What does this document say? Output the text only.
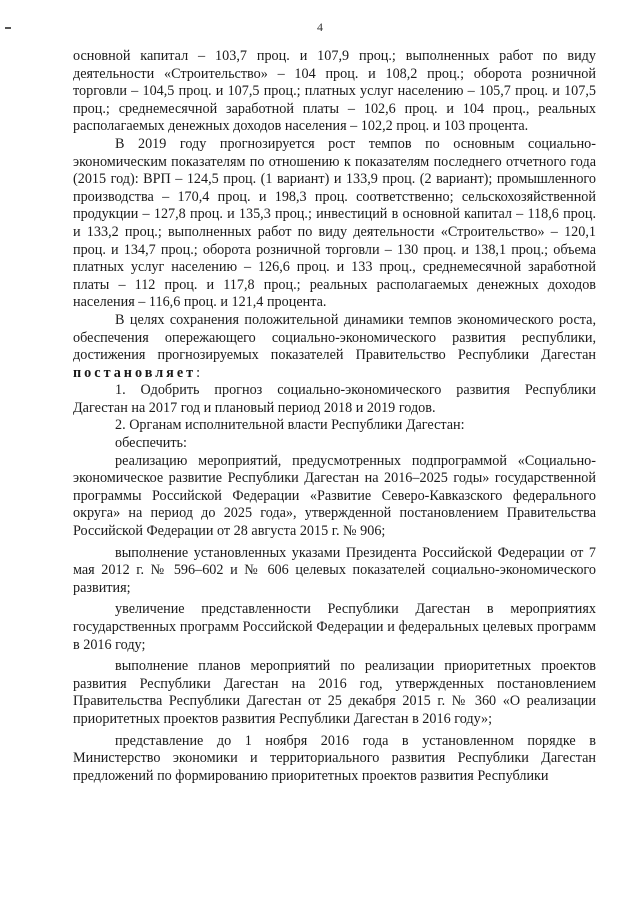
4

основной капитал – 103,7 проц. и 107,9 проц.; выполненных работ по виду деятельности «Строительство» – 104 проц. и 108,2 проц.; оборота розничной торговли – 104,5 проц. и 107,5 проц.; платных услуг населению – 105,7 проц. и 107,5 проц.; среднемесячной заработной платы – 102,6 проц. и 104 проц., реальных располагаемых денежных доходов населения – 102,2 проц. и 103 процента.

В 2019 году прогнозируется рост темпов по основным социально-экономическим показателям по отношению к показателям последнего отчетного года (2015 год): ВРП – 124,5 проц. (1 вариант) и 133,9 проц. (2 вариант); промышленного производства – 170,4 проц. и 198,3 проц. соответственно; сельскохозяйственной продукции – 127,8 проц. и 135,3 проц.; инвестиций в основной капитал – 118,6 проц. и 133,2 проц.; выполненных работ по виду деятельности «Строительство» – 120,1 проц. и 134,7 проц.; оборота розничной торговли – 130 проц. и 138,1 проц.; объема платных услуг населению – 126,6 проц. и 133 проц., среднемесячной заработной платы – 112 проц. и 117,8 проц.; реальных располагаемых денежных доходов населения – 116,6 проц. и 121,4 процента.

В целях сохранения положительной динамики темпов экономического роста, обеспечения опережающего социально-экономического развития республики, достижения прогнозируемых показателей Правительство Республики Дагестан постановляет:

1. Одобрить прогноз социально-экономического развития Республики Дагестан на 2017 год и плановый период 2018 и 2019 годов.

2. Органам исполнительной власти Республики Дагестан:

обеспечить:

реализацию мероприятий, предусмотренных подпрограммой «Социально-экономическое развитие Республики Дагестан на 2016–2025 годы» государственной программы Российской Федерации «Развитие Северо-Кавказского федерального округа» на период до 2025 года», утвержденной постановлением Правительства Российской Федерации от 28 августа 2015 г. № 906;

выполнение установленных указами Президента Российской Федерации от 7 мая 2012 г. № 596–602 и № 606 целевых показателей социально-экономического развития;

увеличение представленности Республики Дагестан в мероприятиях государственных программ Российской Федерации и федеральных целевых программ в 2016 году;

выполнение планов мероприятий по реализации приоритетных проектов развития Республики Дагестан на 2016 год, утвержденных постановлением Правительства Республики Дагестан от 25 декабря 2015 г. № 360 «О реализации приоритетных проектов развития Республики Дагестан в 2016 году»;

представление до 1 ноября 2016 года в установленном порядке в Министерство экономики и территориального развития Республики Дагестан предложений по формированию приоритетных проектов развития Республики
